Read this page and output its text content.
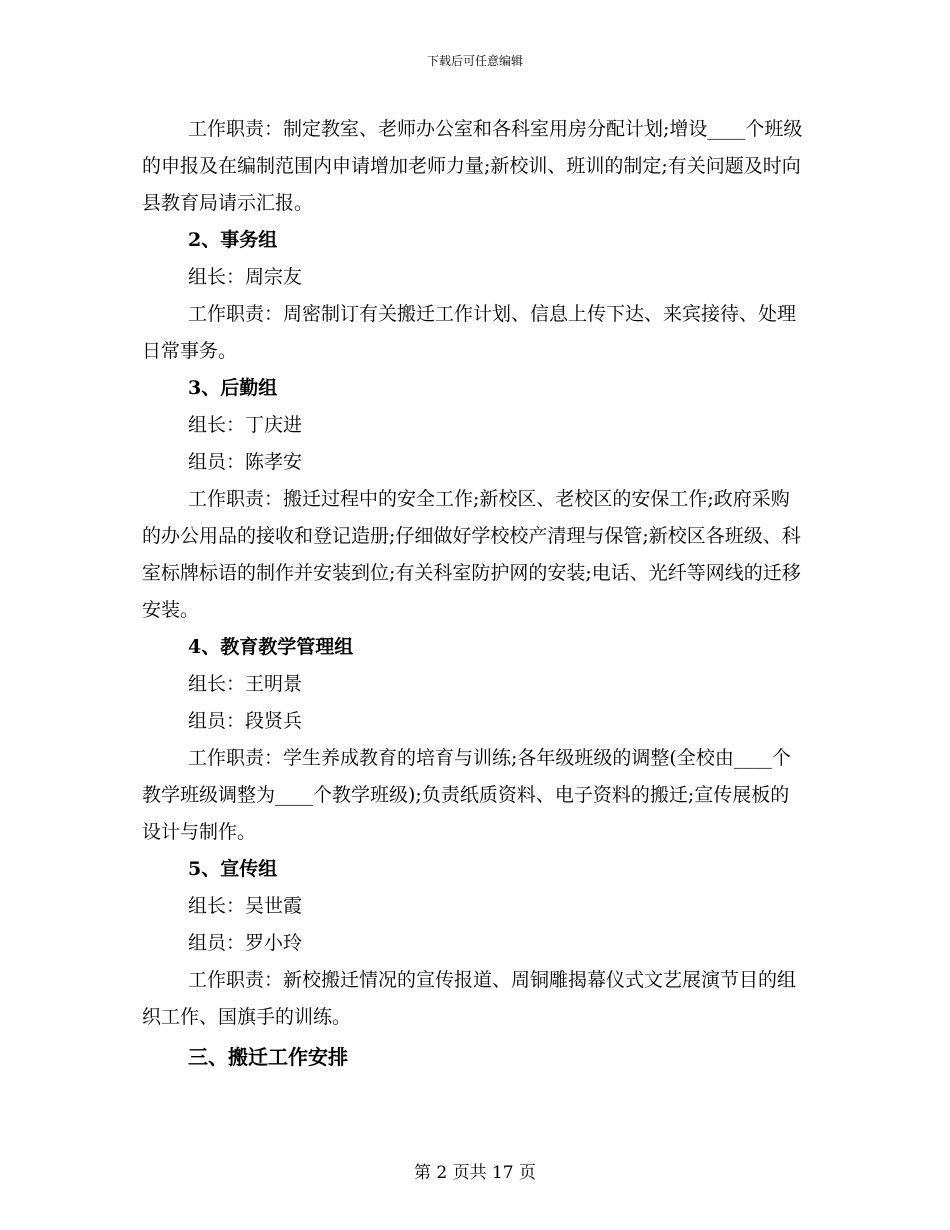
下载后可任意编辑

工作职责：制定教室、老师办公室和各科室用房分配计划;增设____个班级的申报及在编制范围内申请增加老师力量;新校训、班训的制定;有关问题及时向县教育局请示汇报。

2、事务组

组长：周宗友

工作职责：周密制订有关搬迁工作计划、信息上传下达、来宾接待、处理日常事务。

3、后勤组

组长：丁庆进

组员：陈孝安

工作职责：搬迁过程中的安全工作;新校区、老校区的安保工作;政府采购的办公用品的接收和登记造册;仔细做好学校校产清理与保管;新校区各班级、科室标牌标语的制作并安装到位;有关科室防护网的安装;电话、光纤等网线的迁移安装。

4、教育教学管理组

组长：王明景

组员：段贤兵

工作职责：学生养成教育的培育与训练;各年级班级的调整(全校由____个教学班级调整为____个教学班级);负责纸质资料、电子资料的搬迁;宣传展板的设计与制作。

5、宣传组

组长：吴世霞

组员：罗小玲

工作职责：新校搬迁情况的宣传报道、周铜雕揭幕仪式文艺展演节目的组织工作、国旗手的训练。

三、搬迁工作安排

第 2 页共 17 页
